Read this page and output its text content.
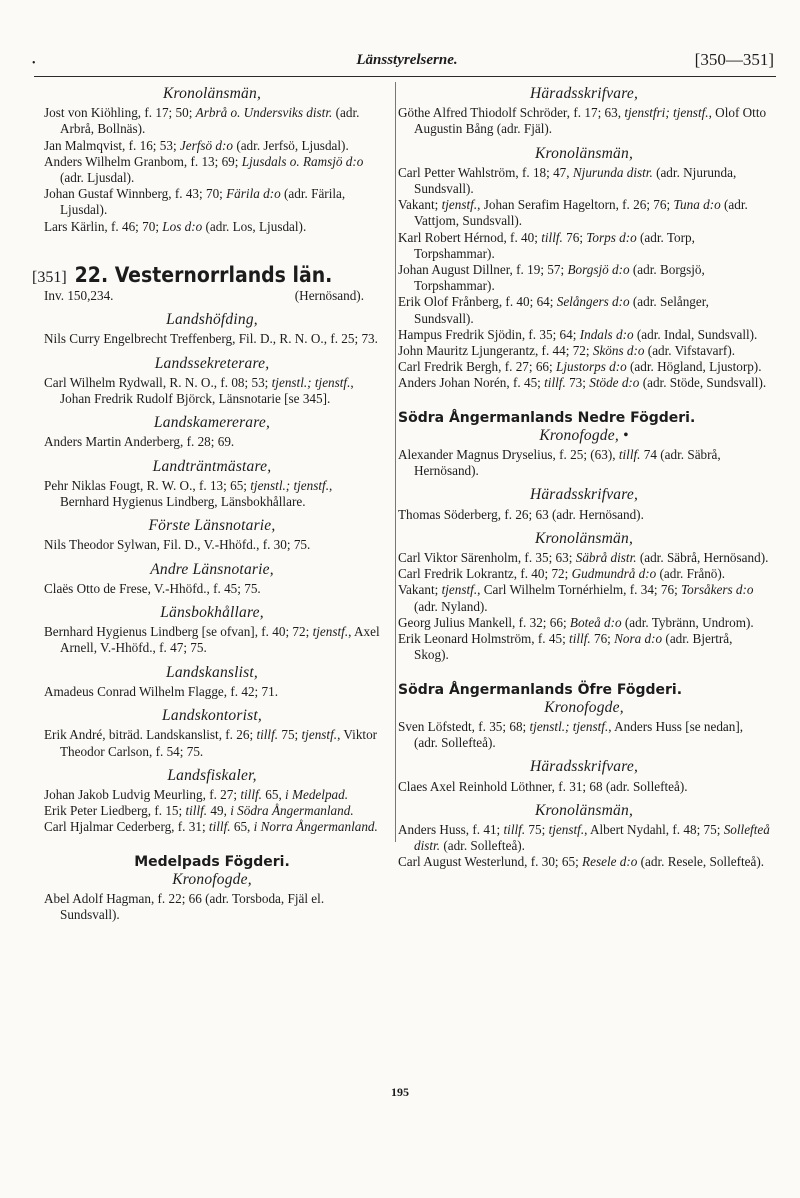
•	Länsstyrelserne.	[350—351]
Kronolänsmän,

Jost von Kiöhling, f. 17; 50; Arbrå o. Undersviks distr. (adr. Arbrå, Bollnäs).

Jan Malmqvist, f. 16; 53; Jerfsö d:o (adr. Jerfsö, Ljusdal).

Anders Wilhelm Granbom, f. 13; 69; Ljusdals o. Ramsjö d:o (adr. Ljusdal).

Johan Gustaf Winnberg, f. 43; 70; Färila d:o (adr. Färila, Ljusdal).

Lars Kärlin, f. 46; 70; Los d:o (adr. Los, Ljusdal).

[351] 22. Vesternorrlands län.
Inv. 150,234.	(Hernösand).
Landshöfding,

Nils Curry Engelbrecht Treffenberg, Fil. D., R. N. O., f. 25; 73.

Landssekreterare,

Carl Wilhelm Rydwall, R. N. O., f. 08; 53; tjenstl.; tjenstf., Johan Fredrik Rudolf Björck, Länsnotarie [se 345].

Landskamererare,

Anders Martin Anderberg, f. 28; 69.

Landträntmästare,

Pehr Niklas Fougt, R. W. O., f. 13; 65; tjenstl.; tjenstf., Bernhard Hygienus Lindberg, Länsbokhållare.

Förste Länsnotarie,

Nils Theodor Sylwan, Fil. D., V.-Hhöfd., f. 30; 75.

Andre Länsnotarie,

Claës Otto de Frese, V.-Hhöfd., f. 45; 75.

Länsbokhållare,

Bernhard Hygienus Lindberg [se ofvan], f. 40; 72; tjenstf., Axel Arnell, V.-Hhöfd., f. 47; 75.

Landskanslist,

Amadeus Conrad Wilhelm Flagge, f. 42; 71.

Landskontorist,

Erik André, biträd. Landskanslist, f. 26; tillf. 75; tjenstf., Viktor Theodor Carlson, f. 54; 75.

Landsfiskaler,

Johan Jakob Ludvig Meurling, f. 27; tillf. 65, i Medelpad.

Erik Peter Liedberg, f. 15; tillf. 49, i Södra Ångermanland.

Carl Hjalmar Cederberg, f. 31; tillf. 65, i Norra Ångermanland.

Medelpads Fögderi.
Kronofogde,

Abel Adolf Hagman, f. 22; 66 (adr. Torsboda, Fjäl el. Sundsvall).

Häradsskrifvare,

Göthe Alfred Thiodolf Schröder, f. 17; 63, tjenstfri; tjenstf., Olof Otto Augustin Bång (adr. Fjäl).

Kronolänsmän,

Carl Petter Wahlström, f. 18; 47, Njurunda distr. (adr. Njurunda, Sundsvall).

Vakant; tjenstf., Johan Serafim Hageltorn, f. 26; 76; Tuna d:o (adr. Vattjom, Sundsvall).

Karl Robert Hérnod, f. 40; tillf. 76; Torps d:o (adr. Torp, Torpshammar).

Johan August Dillner, f. 19; 57; Borgsjö d:o (adr. Borgsjö, Torpshammar).

Erik Olof Frånberg, f. 40; 64; Selångers d:o (adr. Selånger, Sundsvall).

Hampus Fredrik Sjödin, f. 35; 64; Indals d:o (adr. Indal, Sundsvall).

John Mauritz Ljungerantz, f. 44; 72; Sköns d:o (adr. Vifstavarf).

Carl Fredrik Bergh, f. 27; 66; Ljustorps d:o (adr. Högland, Ljustorp).

Anders Johan Norén, f. 45; tillf. 73; Stöde d:o (adr. Stöde, Sundsvall).

Södra Ångermanlands Nedre Fögderi.
Kronofogde, •

Alexander Magnus Dryselius, f. 25; (63), tillf. 74 (adr. Säbrå, Hernösand).

Häradsskrifvare,

Thomas Söderberg, f. 26; 63 (adr. Hernösand).

Kronolänsmän,

Carl Viktor Särenholm, f. 35; 63; Säbrå distr. (adr. Säbrå, Hernösand).

Carl Fredrik Lokrantz, f. 40; 72; Gudmundrå d:o (adr. Frånö).

Vakant; tjenstf., Carl Wilhelm Tornérhielm, f. 34; 76; Torsåkers d:o (adr. Nyland).

Georg Julius Mankell, f. 32; 66; Boteå d:o (adr. Tybränn, Undrom).

Erik Leonard Holmström, f. 45; tillf. 76; Nora d:o (adr. Bjertrå, Skog).

Södra Ångermanlands Öfre Fögderi.
Kronofogde,

Sven Löfstedt, f. 35; 68; tjenstl.; tjenstf., Anders Huss [se nedan], (adr. Sollefteå).

Häradsskrifvare,

Claes Axel Reinhold Löthner, f. 31; 68 (adr. Sollefteå).

Kronolänsmän,

Anders Huss, f. 41; tillf. 75; tjenstf., Albert Nydahl, f. 48; 75; Sollefteå distr. (adr. Sollefteå).

Carl August Westerlund, f. 30; 65; Resele d:o (adr. Resele, Sollefteå).

195
